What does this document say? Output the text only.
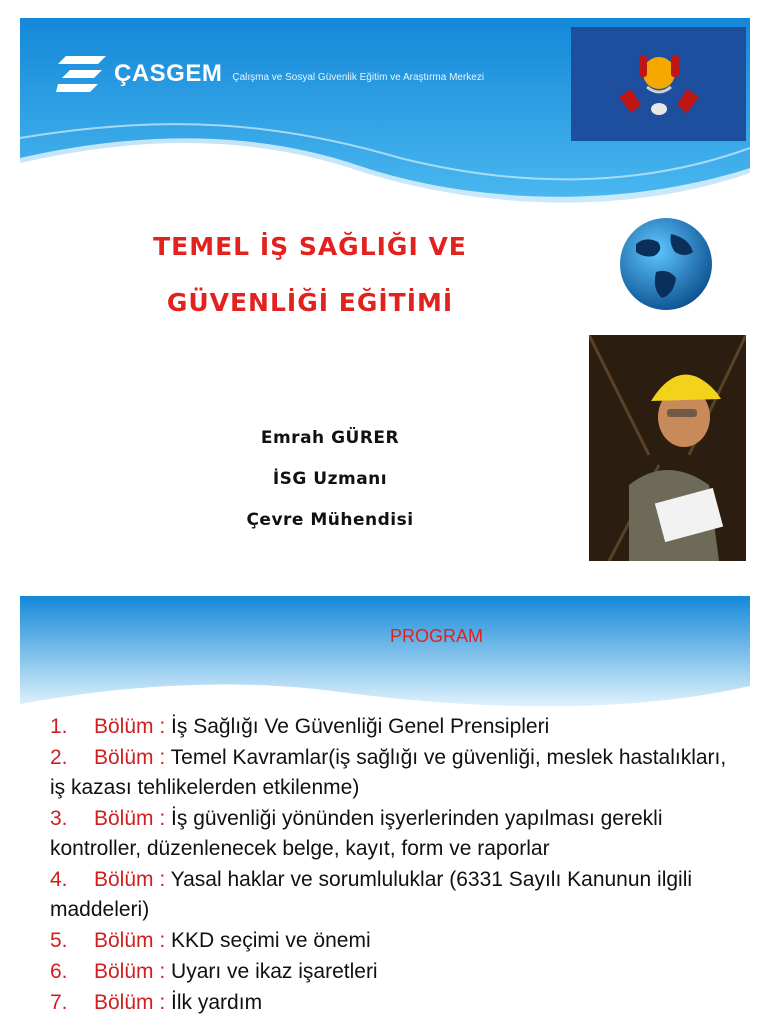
ÇASGEM Çalışma ve Sosyal Güvenlik Eğitim ve Araştırma Merkezi
TEMEL İŞ SAĞLIĞI VE
GÜVENLİĞİ EĞİTİMİ
Emrah GÜRER
İSG Uzmanı
Çevre Mühendisi
PROGRAM
1. Bölüm : İş Sağlığı Ve Güvenliği Genel Prensipleri
2. Bölüm : Temel Kavramlar(iş sağlığı ve güvenliği, meslek hastalıkları, iş kazası tehlikelerden etkilenme)
3. Bölüm : İş güvenliği yönünden işyerlerinden yapılması gerekli kontroller, düzenlenecek belge, kayıt, form ve raporlar
4. Bölüm : Yasal haklar ve sorumluluklar (6331 Sayılı Kanunun ilgili maddeleri)
5. Bölüm : KKD seçimi ve önemi
6. Bölüm : Uyarı ve ikaz işaretleri
7. Bölüm : İlk yardım
